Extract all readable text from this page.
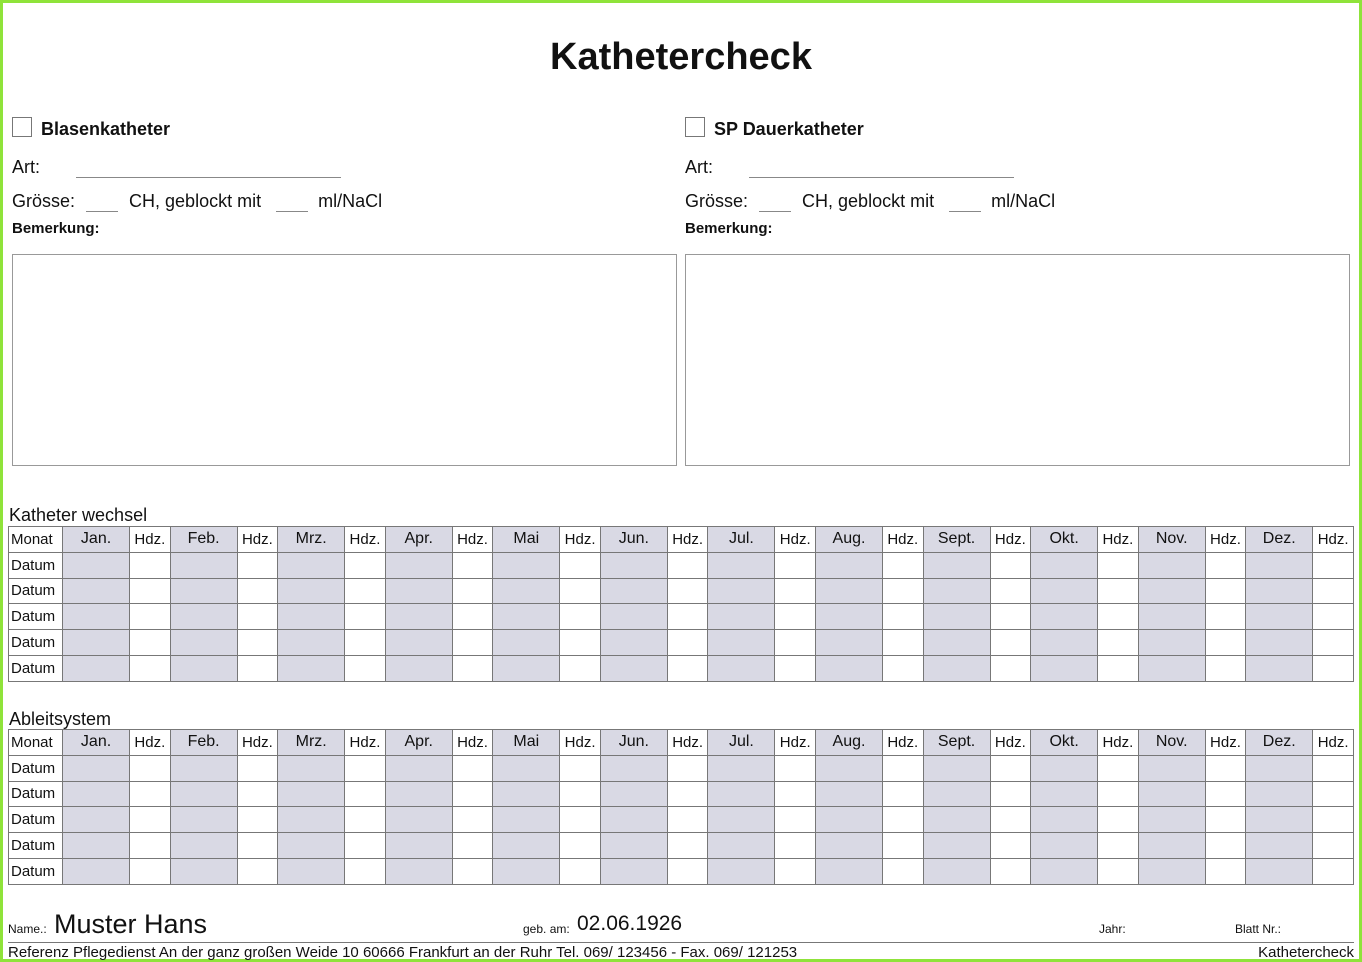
Kathetercheck
Blasenkatheter
Art:
Grösse:	CH, geblockt mit	ml/NaCl
Bemerkung:
SP Dauerkatheter
Art:
Grösse:	CH, geblockt mit	ml/NaCl
Bemerkung:
Katheter wechsel
Monat	Jan.	Hdz.	Feb.	Hdz.	Mrz.	Hdz.	Apr.	Hdz.	Mai	Hdz.	Jun.	Hdz.	Jul.	Hdz.	Aug.	Hdz.	Sept.	Hdz.	Okt.	Hdz.	Nov.	Hdz.	Dez.	Hdz.
Datum																								
Datum																								
Datum																								
Datum																								
Datum																								
Ableitsystem
Monat	Jan.	Hdz.	Feb.	Hdz.	Mrz.	Hdz.	Apr.	Hdz.	Mai	Hdz.	Jun.	Hdz.	Jul.	Hdz.	Aug.	Hdz.	Sept.	Hdz.	Okt.	Hdz.	Nov.	Hdz.	Dez.	Hdz.
Datum																								
Datum																								
Datum																								
Datum																								
Datum																								
Name.: Muster Hans	geb. am: 02.06.1926	Jahr:	Blatt Nr.:
Referenz Pflegedienst An der ganz großen Weide 10 60666 Frankfurt an der Ruhr Tel. 069/ 123456 - Fax. 069/ 121253	Kathetercheck
